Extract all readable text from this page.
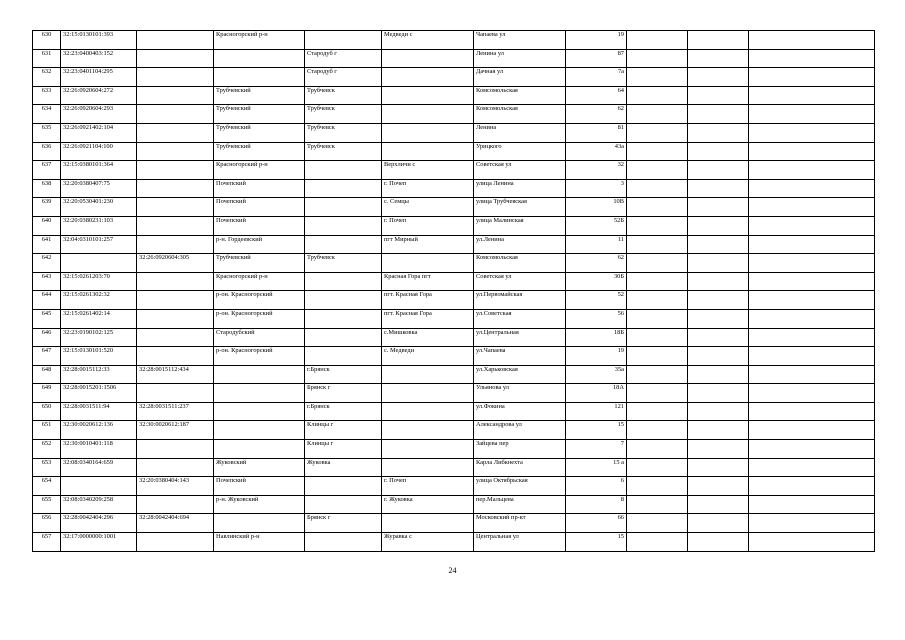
630	32:15:0130101:393		Красногорский р-н		Медведи с	Чапаева ул	19			
631	32:23:0400403:152			Стародуб г		Ленина ул	87			
632	32:23:0401104:295			Стародуб г		Дачная ул	7а			
633	32:26:0920604:272		Трубчевский	Трубчевск		Комсомольская	64			
634	32:26:0920604:293		Трубчевский	Трубчевск		Комсомольская	62			
635	32:26:0921402:104		Трубчевский	Трубчевск		Ленина	81			
636	32:26:0921104:100		Трубчевский	Трубчевск		Урицкого	43а			
637	32:15:0380101:364		Красногорский р-н		Верхличи с	Советская ул	32			
638	32:20:0380407:75		Почепский		г. Почеп	улица Ленина	3			
639	32:20:0530401:230		Почепский		с. Семцы	улица Трубчевская	10В			
640	32:20:0380231:103		Почепский		г. Почеп	улица Малинская	52Б			
641	32:04:0310101:257		р-н. Гордеевский		пгт Мирный	ул.Ленина	11			
642		32:26:0920604:305	Трубчевский	Трубчевск		Комсомольская	62			
643	32:15:0261203:70		Красногорский р-н		Красная Гора пгт	Советская ул	30Б			
644	32:15:0261302:32		р-он. Красногорский		пгт. Красная Гора	ул.Первомайская	52			
645	32:15:0261402:14		р-он. Красногорский		пгт. Красная Гора	ул.Советская	56			
646	32:23:0190102:125		Стародубский		с.Мишковка	ул.Центральная	18Б			
647	32:15:0130101:520		р-он. Красногорский		с. Медведи	ул.Чапаева	19			
648	32:28:0015112:33	32:28:0015112:434		г.Брянск		ул.Харьковская	35а			
649	32:28:0015201:1506			Брянск г		Ульянова ул	18А			
650	32:28:0031511:94	32:28:0031511:237		г.Брянск		ул.Фокина	121			
651	32:30:0020612:136	32:30:0020612:187		Клинцы г		Александрова ул	15			
652	32:30:0010401:118			Клинцы г		Зайцева пер	7			
653	32:08:0340164:659		Жуковский	Жуковка		Карла Либкнехта	15 а			
654		32:20:0380404:143	Почепский		г. Почеп	улица Октябрьская	6			
655	32:08:0340209:258		р-н. Жуковский		г. Жуковка	пер.Мальцева	8			
656	32:28:0042404:296	32:28:0042404:694		Брянск г		Московский пр-кт	66			
657	32:17:0000000:1001		Навлинский р-н		Журавка с	Центральная ул	15			
24
